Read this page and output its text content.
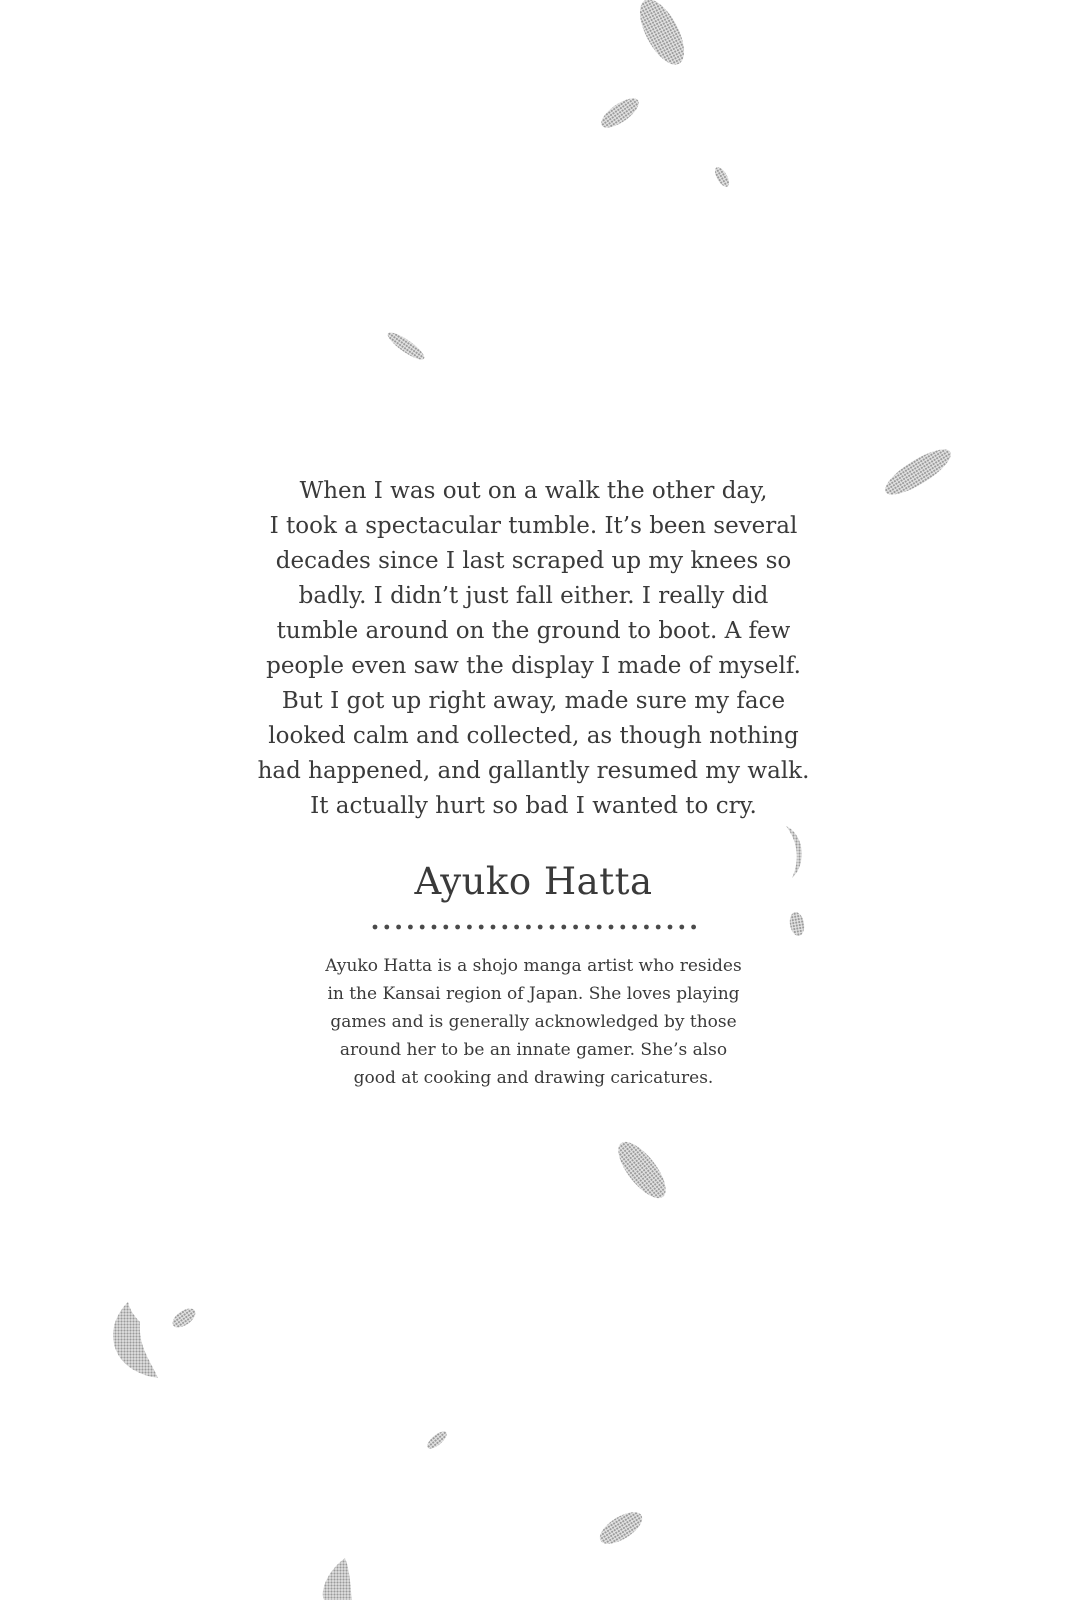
When I was out on a walk the other day,
I took a spectacular tumble. It’s been several
decades since I last scraped up my knees so
badly. I didn’t just fall either. I really did
tumble around on the ground to boot. A few
people even saw the display I made of myself.
But I got up right away, made sure my face
looked calm and collected, as though nothing
had happened, and gallantly resumed my walk.
It actually hurt so bad I wanted to cry.
Ayuko Hatta
Ayuko Hatta is a shojo manga artist who resides
in the Kansai region of Japan. She loves playing
games and is generally acknowledged by those
around her to be an innate gamer. She’s also
good at cooking and drawing caricatures.
